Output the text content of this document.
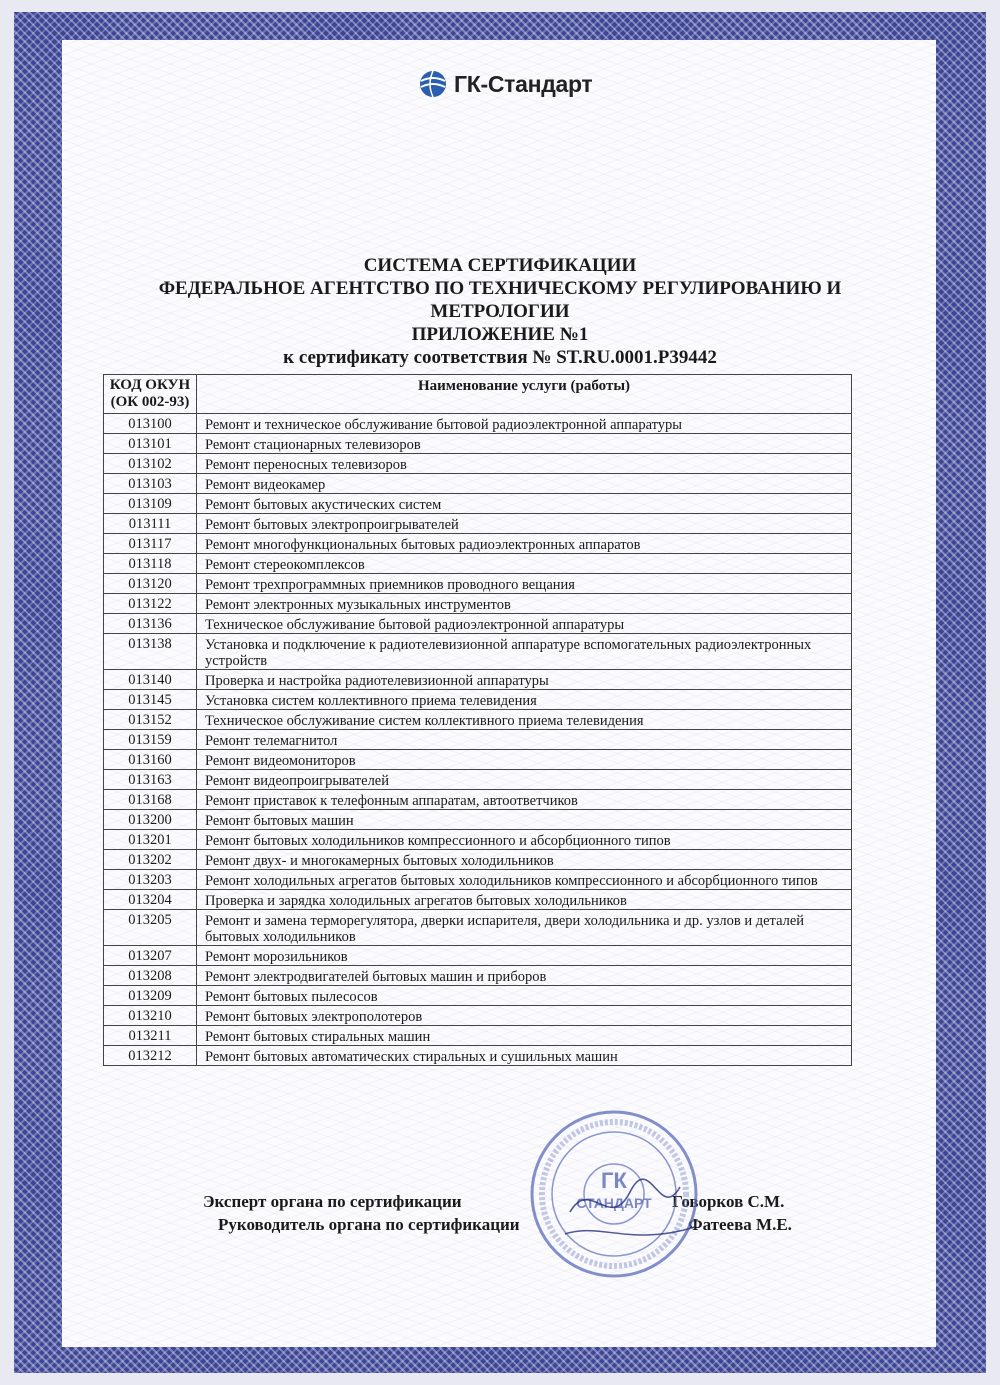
ГК-Стандарт
СИСТЕМА СЕРТИФИКАЦИИ
ФЕДЕРАЛЬНОЕ АГЕНТСТВО ПО ТЕХНИЧЕСКОМУ РЕГУЛИРОВАНИЮ И
МЕТРОЛОГИИ
ПРИЛОЖЕНИЕ №1
к сертификату соответствия № ST.RU.0001.P39442
КОД ОКУН (ОК 002-93)	Наименование услуги (работы)
013100	Ремонт и техническое обслуживание бытовой радиоэлектронной аппаратуры
013101	Ремонт стационарных телевизоров
013102	Ремонт переносных телевизоров
013103	Ремонт видеокамер
013109	Ремонт бытовых акустических систем
013111	Ремонт бытовых электропроигрывателей
013117	Ремонт многофункциональных бытовых радиоэлектронных аппаратов
013118	Ремонт стереокомплексов
013120	Ремонт трехпрограммных приемников проводного вещания
013122	Ремонт электронных музыкальных инструментов
013136	Техническое обслуживание бытовой радиоэлектронной аппаратуры
013138	Установка и подключение к радиотелевизионной аппаратуре вспомогательных радиоэлектронных устройств
013140	Проверка и настройка радиотелевизионной аппаратуры
013145	Установка систем коллективного приема телевидения
013152	Техническое обслуживание систем коллективного приема телевидения
013159	Ремонт телемагнитол
013160	Ремонт видеомониторов
013163	Ремонт видеопроигрывателей
013168	Ремонт приставок к телефонным аппаратам, автоответчиков
013200	Ремонт бытовых машин
013201	Ремонт бытовых холодильников компрессионного и абсорбционного типов
013202	Ремонт двух- и многокамерных бытовых холодильников
013203	Ремонт холодильных агрегатов бытовых холодильников компрессионного и абсорбционного типов
013204	Проверка и зарядка холодильных агрегатов бытовых холодильников
013205	Ремонт и замена терморегулятора, дверки испарителя, двери холодильника и др. узлов и деталей бытовых холодильников
013207	Ремонт морозильников
013208	Ремонт электродвигателей бытовых машин и приборов
013209	Ремонт бытовых пылесосов
013210	Ремонт бытовых электрополотеров
013211	Ремонт бытовых стиральных машин
013212	Ремонт бытовых автоматических стиральных и сушильных машин
Эксперт органа по сертификации	Говорков С.М.
Руководитель органа по сертификации	Фатеева М.Е.
ГК
СТАНДАРТ
